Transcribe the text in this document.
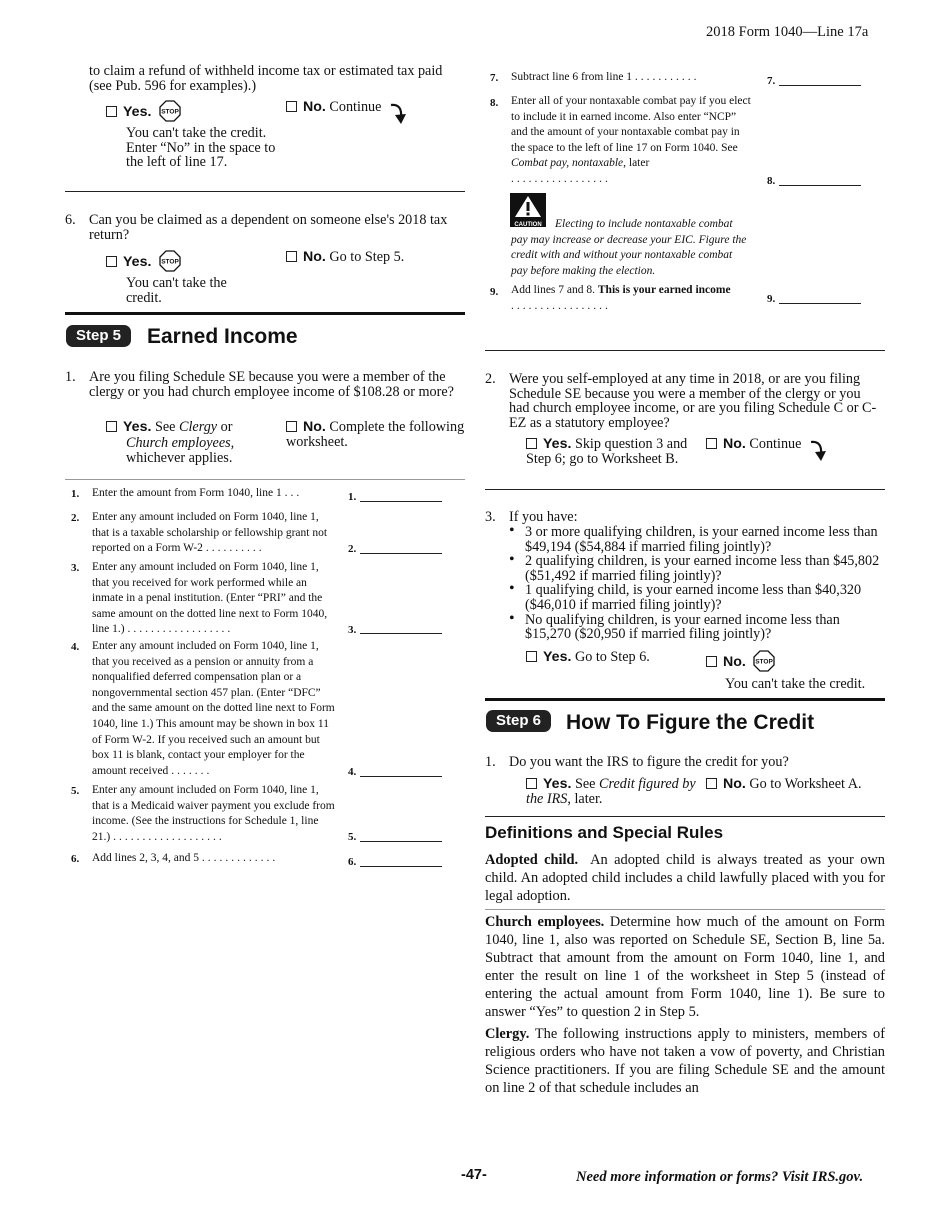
2018 Form 1040—Line 17a
to claim a refund of withheld income tax or estimated tax paid (see Pub. 596 for examples).)
Yes. STOP
You can't take the credit. Enter “No” in the space to the left of line 17.
No. Continue
6. Can you be claimed as a dependent on someone else's 2018 tax return?
Yes. STOP
You can't take the credit.
No. Go to Step 5.
Step 5	Earned Income
1. Are you filing Schedule SE because you were a member of the clergy or you had church employee income of $108.28 or more?
Yes. See Clergy or
Church employees,
whichever applies.
No. Complete the following worksheet.
1. Enter the amount from Form 1040, line 1 ...	1.
2. Enter any amount included on Form 1040, line 1, that is a taxable scholarship or fellowship grant not reported on a Form W-2 ..........	2.
3. Enter any amount included on Form 1040, line 1, that you received for work performed while an inmate in a penal institution. (Enter “PRI” and the same amount on the dotted line next to Form 1040, line 1.) ..................	3.
4. Enter any amount included on Form 1040, line 1, that you received as a pension or annuity from a nonqualified deferred compensation plan or a nongovernmental section 457 plan. (Enter “DFC” and the same amount on the dotted line next to Form 1040, line 1.) This amount may be shown in box 11 of Form W-2. If you received such an amount but box 11 is blank, contact your employer for the amount received .......	4.
5. Enter any amount included on Form 1040, line 1, that is a Medicaid waiver payment you exclude from income. (See the instructions for Schedule 1, line 21.) ...................	5.
6. Add lines 2, 3, 4, and 5 .............	6.
7. Subtract line 6 from line 1 ...........	7.
8. Enter all of your nontaxable combat pay if you elect to include it in earned income. Also enter “NCP” and the amount of your nontaxable combat pay in the space to the left of line 17 on Form 1040. See Combat pay, nontaxable, later .................	8.
CAUTION	Electing to include nontaxable combat pay may increase or decrease your EIC. Figure the credit with and without your nontaxable combat pay before making the election.
9. Add lines 7 and 8. This is your earned income .................
9.
2. Were you self-employed at any time in 2018, or are you filing Schedule SE because you were a member of the clergy or you had church employee income, or are you filing Schedule C or C-EZ as a statutory employee?
Yes. Skip question 3 and Step 6; go to Worksheet B.
No. Continue
3. If you have:
• 3 or more qualifying children, is your earned income less than $49,194 ($54,884 if married filing jointly)?
• 2 qualifying children, is your earned income less than $45,802 ($51,492 if married filing jointly)?
• 1 qualifying child, is your earned income less than $40,320 ($46,010 if married filing jointly)?
• No qualifying children, is your earned income less than $15,270 ($20,950 if married filing jointly)?
Yes. Go to Step 6.	No. STOP
You can't take the credit.
Step 6	How To Figure the Credit
1. Do you want the IRS to figure the credit for you?
Yes. See Credit figured by the IRS, later.
No. Go to Worksheet A.
Definitions and Special Rules
Adopted child. An adopted child is always treated as your own child. An adopted child includes a child lawfully placed with you for legal adoption.
Church employees. Determine how much of the amount on Form 1040, line 1, also was reported on Schedule SE, Section B, line 5a. Subtract that amount from the amount on Form 1040, line 1, and enter the result on line 1 of the worksheet in Step 5 (instead of entering the actual amount from Form 1040, line 1). Be sure to answer “Yes” to question 2 in Step 5.
Clergy. The following instructions apply to ministers, members of religious orders who have not taken a vow of poverty, and Christian Science practitioners. If you are filing Schedule SE and the amount on line 2 of that schedule includes an
-47-	Need more information or forms? Visit IRS.gov.
